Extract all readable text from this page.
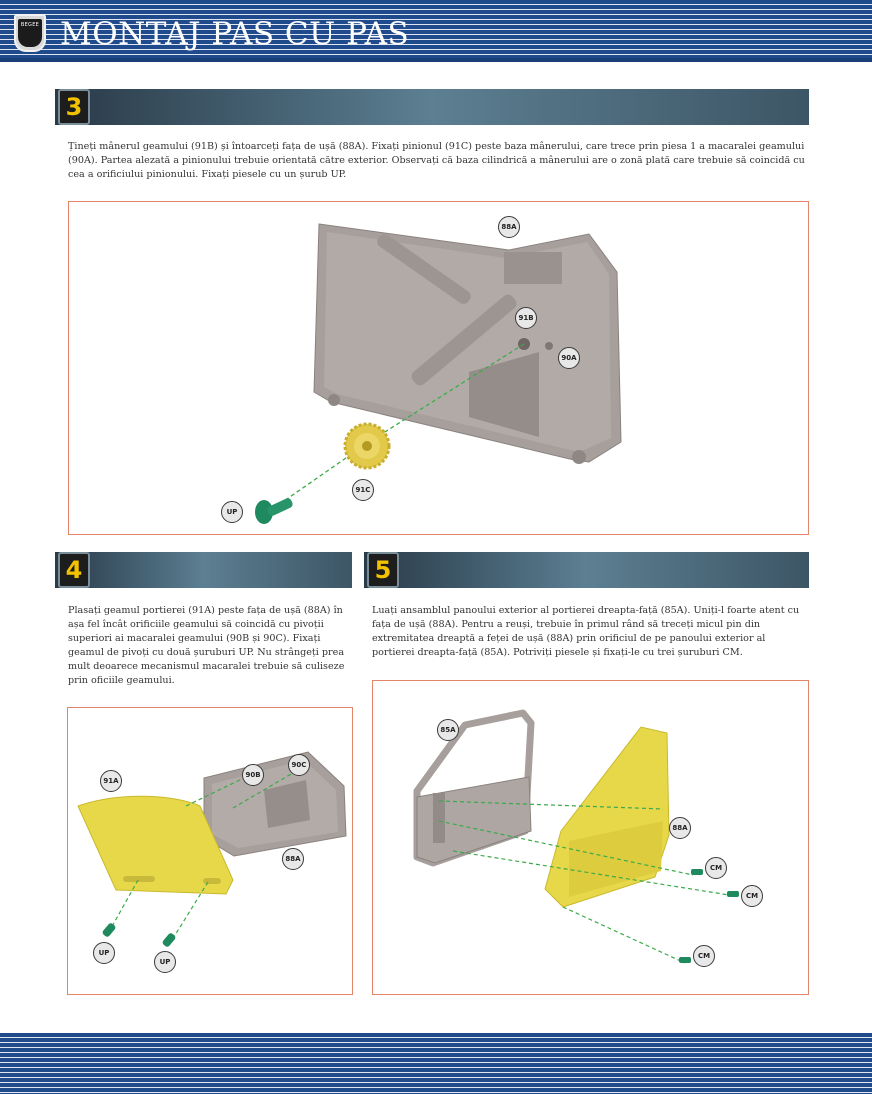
BEGEE MONTAJ PAS CU PAS
3
Țineți mânerul geamului (91B) și întoarceți fața de ușă (88A). Fixați pinionul (91C) peste baza mânerului, care trece prin piesa 1 a macaralei geamului (90A). Partea alezată a pinionului trebuie orientată către exterior. Observați că baza cilindrică a mânerului are o zonă plată care trebuie să coincidă cu cea a orificiului pinionului. Fixați piesele cu un șurub UP.
88A
91B
90A
91C
UP
4
Plasați geamul portierei (91A) peste fața de ușă (88A) în așa fel încât orificiile geamului să coincidă cu pivoții superiori ai macaralei geamului (90B și 90C). Fixați geamul de pivoți cu două șuruburi UP. Nu strângeți prea mult deoarece mecanismul macaralei trebuie să culiseze prin oficiile geamului.
91A
90B
90C
88A
UP
UP
5
Luați ansamblul panoului exterior al portierei dreapta-față (85A). Uniți-l foarte atent cu fața de ușă (88A). Pentru a reuși, trebuie în primul rând să treceți micul pin din extremitatea dreaptă a feței de ușă (88A) prin orificiul de pe panoului exterior al portierei dreapta-față (85A). Potriviți piesele și fixați-le cu trei șuruburi CM.
85A
88A
CM
CM
CM
